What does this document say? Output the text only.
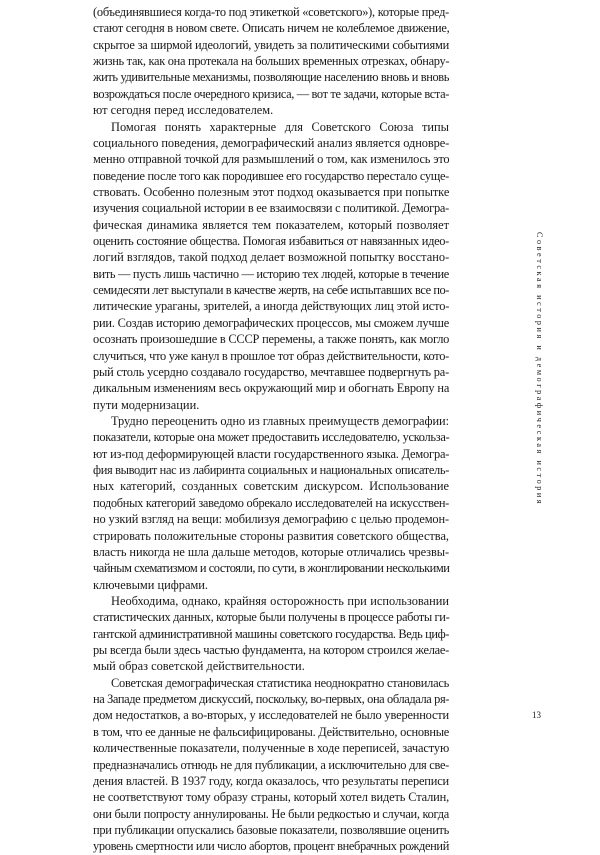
(объединявшиеся когда-то под этикеткой «советского»), которые пред-
стают сегодня в новом свете. Описать ничем не колеблемое движение,
скрытое за ширмой идеологий, увидеть за политическими событиями
жизнь так, как она протекала на больших временных отрезках, обнару-
жить удивительные механизмы, позволяющие населению вновь и вновь
возрождаться после очередного кризиса, — вот те задачи, которые вста-
ют сегодня перед исследователем.
Помогая понять характерные для Советского Союза типы
социального поведения, демографический анализ является одновре-
менно отправной точкой для размышлений о том, как изменилось это
поведение после того как породившее его государство перестало суще-
ствовать. Особенно полезным этот подход оказывается при попытке
изучения социальной истории в ее взаимосвязи с политикой. Демогра-
фическая динамика является тем показателем, который позволяет
оценить состояние общества. Помогая избавиться от навязанных идео-
логий взглядов, такой подход делает возможной попытку восстано-
вить — пусть лишь частично — историю тех людей, которые в течение
семидесяти лет выступали в качестве жертв, на себе испытавших все по-
литические ураганы, зрителей, а иногда действующих лиц этой исто-
рии. Создав историю демографических процессов, мы сможем лучше
осознать произошедшие в СССР перемены, а также понять, как могло
случиться, что уже канул в прошлое тот образ действительности, кото-
рый столь усердно создавало государство, мечтавшее подвергнуть ра-
дикальным изменениям весь окружающий мир и обогнать Европу на
пути модернизации.
Трудно переоценить одно из главных преимуществ демографии:
показатели, которые она может предоставить исследователю, ускольза-
ют из-под деформирующей власти государственного языка. Демогра-
фия выводит нас из лабиринта социальных и национальных описатель-
ных категорий, созданных советским дискурсом. Использование
подобных категорий заведомо обрекало исследователей на искусствен-
но узкий взгляд на вещи: мобилизуя демографию с целью продемон-
стрировать положительные стороны развития советского общества,
власть никогда не шла дальше методов, которые отличались чрезвы-
чайным схематизмом и состояли, по сути, в жонглировании несколькими
ключевыми цифрами.
Необходима, однако, крайняя осторожность при использовании
статистических данных, которые были получены в процессе работы ги-
гантской административной машины советского государства. Ведь циф-
ры всегда были здесь частью фундамента, на котором строился желае-
мый образ советской действительности.
Советская демографическая статистика неоднократно становилась
на Западе предметом дискуссий, поскольку, во-первых, она обладала ря-
дом недостатков, а во-вторых, у исследователей не было уверенности
в том, что ее данные не фальсифицированы. Действительно, основные
количественные показатели, полученные в ходе переписей, зачастую
предназначались отнюдь не для публикации, а исключительно для све-
дения властей. В 1937 году, когда оказалось, что результаты переписи
не соответствуют тому образу страны, который хотел видеть Сталин,
они были попросту аннулированы. Не были редкостью и случаи, когда
при публикации опускались базовые показатели, позволявшие оценить
уровень смертности или число абортов, процент внебрачных рождений
Советская история и демографическая история
13
